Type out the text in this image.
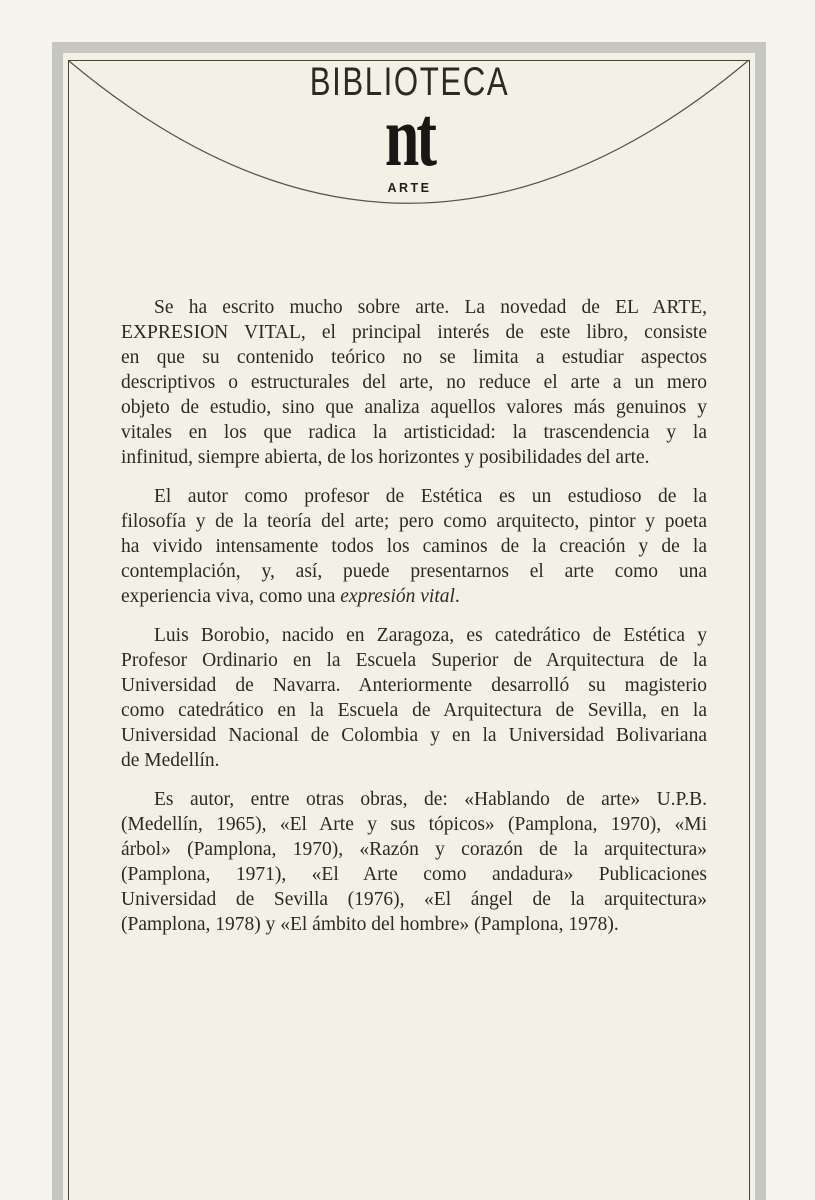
BIBLIOTECA
nt
ARTE
Se ha escrito mucho sobre arte. La novedad de EL ARTE,
EXPRESION VITAL, el principal interés de este libro, consiste
en que su contenido teórico no se limita a estudiar aspectos
descriptivos o estructurales del arte, no reduce el arte a un mero
objeto de estudio, sino que analiza aquellos valores más genuinos y
vitales en los que radica la artisticidad: la trascendencia y la
infinitud, siempre abierta, de los horizontes y posibilidades del arte.
El autor como profesor de Estética es un estudioso de la
filosofía y de la teoría del arte; pero como arquitecto, pintor y poeta
ha vivido intensamente todos los caminos de la creación y de la
contemplación, y, así, puede presentarnos el arte como una
experiencia viva, como una expresión vital.
Luis Borobio, nacido en Zaragoza, es catedrático de Estética y
Profesor Ordinario en la Escuela Superior de Arquitectura de la
Universidad de Navarra. Anteriormente desarrolló su magisterio
como catedrático en la Escuela de Arquitectura de Sevilla, en la
Universidad Nacional de Colombia y en la Universidad Bolivariana
de Medellín.
Es autor, entre otras obras, de: «Hablando de arte» U.P.B.
(Medellín, 1965), «El Arte y sus tópicos» (Pamplona, 1970), «Mi
árbol» (Pamplona, 1970), «Razón y corazón de la arquitectura»
(Pamplona, 1971), «El Arte como andadura» Publicaciones
Universidad de Sevilla (1976), «El ángel de la arquitectura»
(Pamplona, 1978) y «El ámbito del hombre» (Pamplona, 1978).
